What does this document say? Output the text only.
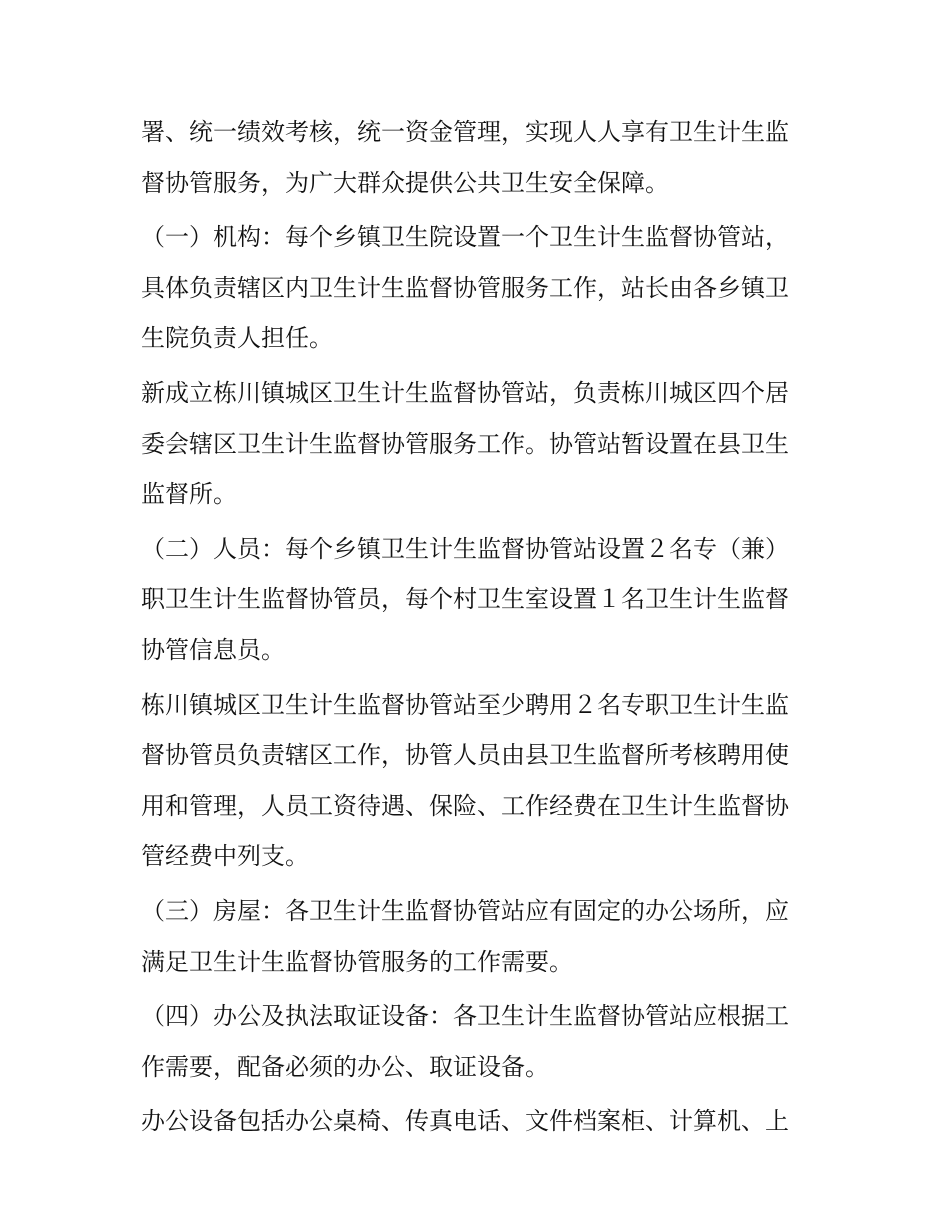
署、统一绩效考核，统一资金管理，实现人人享有卫生计生监
督协管服务，为广大群众提供公共卫生安全保障。
（一）机构：每个乡镇卫生院设置一个卫生计生监督协管站，
具体负责辖区内卫生计生监督协管服务工作，站长由各乡镇卫
生院负责人担任。
新成立栋川镇城区卫生计生监督协管站，负责栋川城区四个居
委会辖区卫生计生监督协管服务工作。协管站暂设置在县卫生
监督所。
（二）人员：每个乡镇卫生计生监督协管站设置２名专（兼）
职卫生计生监督协管员，每个村卫生室设置１名卫生计生监督
协管信息员。
栋川镇城区卫生计生监督协管站至少聘用２名专职卫生计生监
督协管员负责辖区工作，协管人员由县卫生监督所考核聘用使
用和管理，人员工资待遇、保险、工作经费在卫生计生监督协
管经费中列支。
（三）房屋：各卫生计生监督协管站应有固定的办公场所，应
满足卫生计生监督协管服务的工作需要。
（四）办公及执法取证设备：各卫生计生监督协管站应根据工
作需要，配备必须的办公、取证设备。
办公设备包括办公桌椅、传真电话、文件档案柜、计算机、上
